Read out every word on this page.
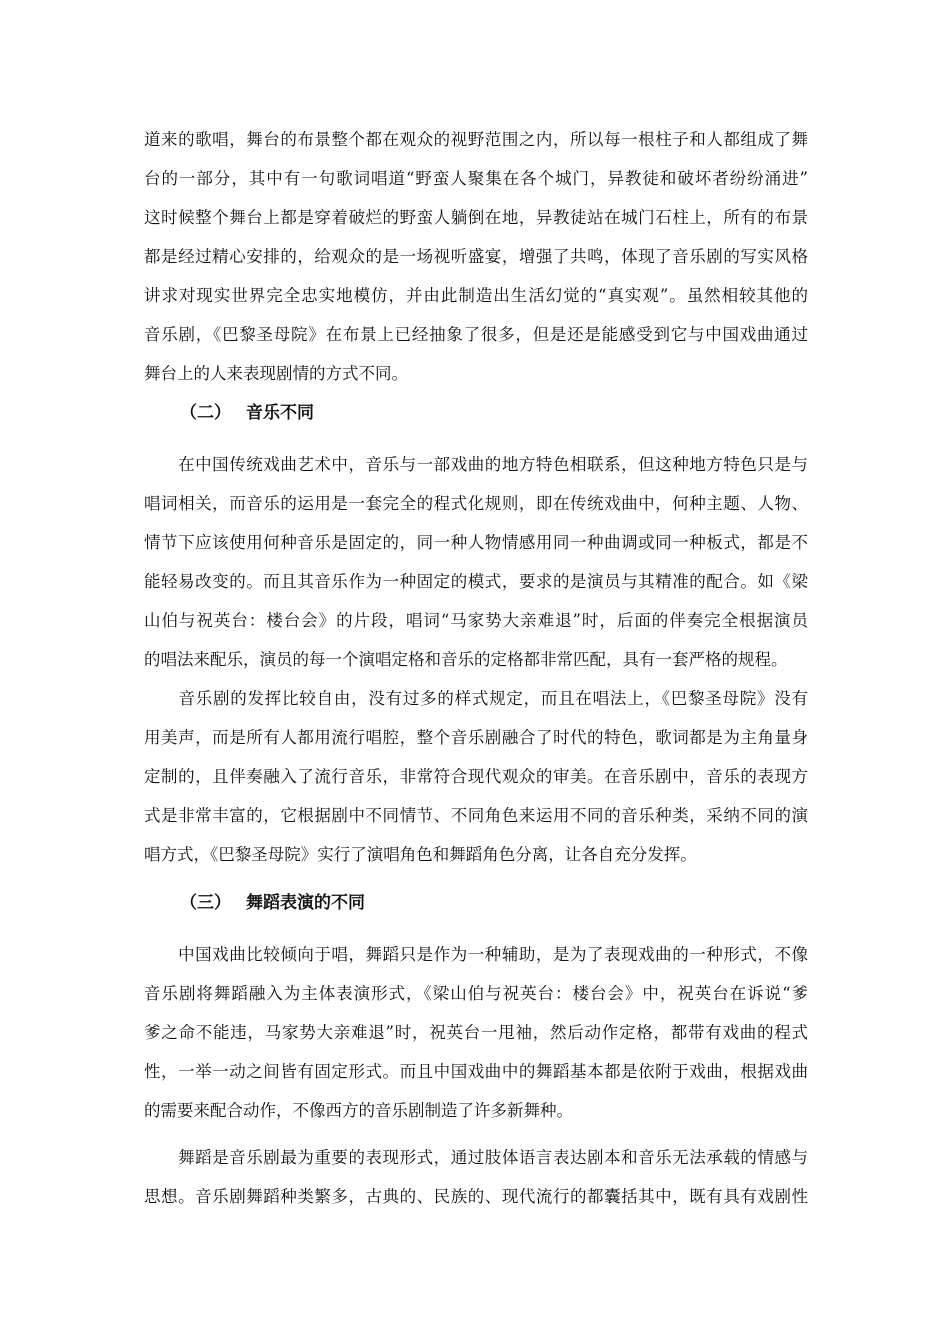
道来的歌唱，舞台的布景整个都在观众的视野范围之内，所以每一根柱子和人都组成了舞
台的一部分，其中有一句歌词唱道“野蛮人聚集在各个城门，异教徒和破坏者纷纷涌进”
这时候整个舞台上都是穿着破烂的野蛮人躺倒在地，异教徒站在城门石柱上，所有的布景
都是经过精心安排的，给观众的是一场视听盛宴，增强了共鸣，体现了音乐剧的写实风格
讲求对现实世界完全忠实地模仿，并由此制造出生活幻觉的“真实观”。虽然相较其他的
音乐剧，《巴黎圣母院》在布景上已经抽象了很多，但是还是能感受到它与中国戏曲通过
舞台上的人来表现剧情的方式不同。
（二） 音乐不同
　　在中国传统戏曲艺术中，音乐与一部戏曲的地方特色相联系，但这种地方特色只是与
唱词相关，而音乐的运用是一套完全的程式化规则，即在传统戏曲中，何种主题、人物、
情节下应该使用何种音乐是固定的，同一种人物情感用同一种曲调或同一种板式，都是不
能轻易改变的。而且其音乐作为一种固定的模式，要求的是演员与其精准的配合。如《梁
山伯与祝英台：楼台会》的片段，唱词“马家势大亲难退”时，后面的伴奏完全根据演员
的唱法来配乐，演员的每一个演唱定格和音乐的定格都非常匹配，具有一套严格的规程。
　　音乐剧的发挥比较自由，没有过多的样式规定，而且在唱法上，《巴黎圣母院》没有
用美声，而是所有人都用流行唱腔，整个音乐剧融合了时代的特色，歌词都是为主角量身
定制的，且伴奏融入了流行音乐，非常符合现代观众的审美。在音乐剧中，音乐的表现方
式是非常丰富的，它根据剧中不同情节、不同角色来运用不同的音乐种类，采纳不同的演
唱方式，《巴黎圣母院》实行了演唱角色和舞蹈角色分离，让各自充分发挥。
（三） 舞蹈表演的不同
　　中国戏曲比较倾向于唱，舞蹈只是作为一种辅助，是为了表现戏曲的一种形式，不像
音乐剧将舞蹈融入为主体表演形式，《梁山伯与祝英台：楼台会》中，祝英台在诉说“爹
爹之命不能违，马家势大亲难退”时，祝英台一甩袖，然后动作定格，都带有戏曲的程式
性，一举一动之间皆有固定形式。而且中国戏曲中的舞蹈基本都是依附于戏曲，根据戏曲
的需要来配合动作，不像西方的音乐剧制造了许多新舞种。
　　舞蹈是音乐剧最为重要的表现形式，通过肢体语言表达剧本和音乐无法承载的情感与
思想。音乐剧舞蹈种类繁多，古典的、民族的、现代流行的都囊括其中，既有具有戏剧性
